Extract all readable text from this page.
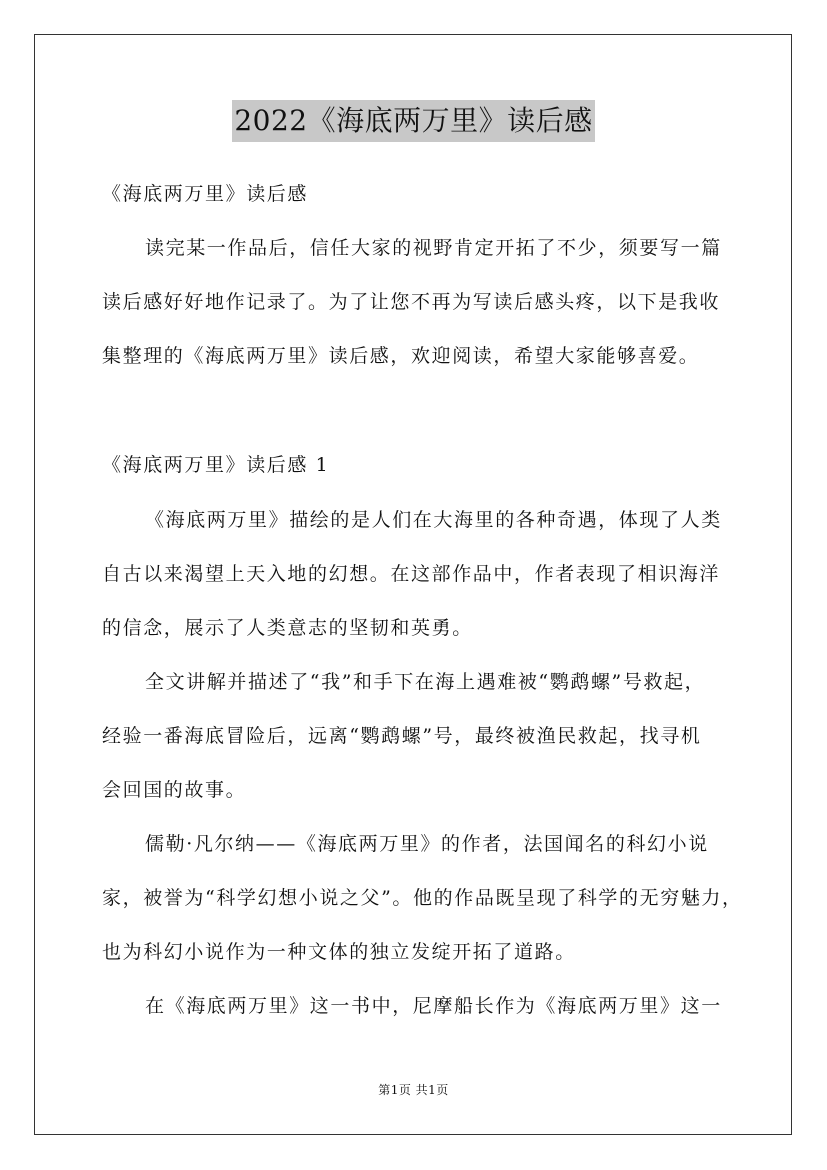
2022《海底两万里》读后感
《海底两万里》读后感
读完某一作品后，信任大家的视野肯定开拓了不少，须要写一篇
读后感好好地作记录了。为了让您不再为写读后感头疼，以下是我收
集整理的《海底两万里》读后感，欢迎阅读，希望大家能够喜爱。
《海底两万里》读后感 1
《海底两万里》描绘的是人们在大海里的各种奇遇，体现了人类
自古以来渴望上天入地的幻想。在这部作品中，作者表现了相识海洋
的信念，展示了人类意志的坚韧和英勇。
全文讲解并描述了“我”和手下在海上遇难被“鹦鹉螺”号救起，
经验一番海底冒险后，远离“鹦鹉螺”号，最终被渔民救起，找寻机
会回国的故事。
儒勒·凡尔纳——《海底两万里》的作者，法国闻名的科幻小说
家，被誉为“科学幻想小说之父”。他的作品既呈现了科学的无穷魅力，
也为科幻小说作为一种文体的独立发绽开拓了道路。
在《海底两万里》这一书中，尼摩船长作为《海底两万里》这一
第1页 共1页
